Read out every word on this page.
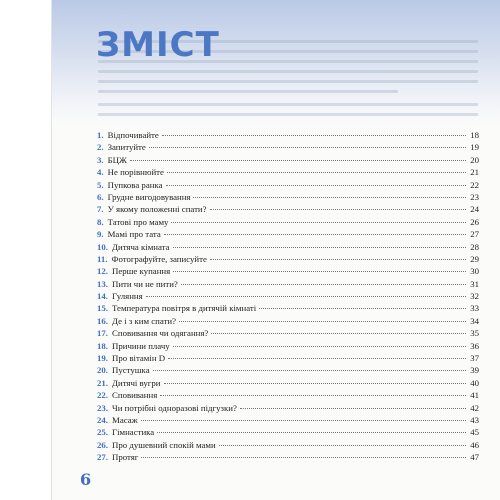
ЗМІСТ
1. Відпочивайте	18
2. Запитуйте	19
3. БЦЖ	20
4. Не порівнюйте	21
5. Пупкова ранка	22
6. Грудне вигодовування	23
7. У якому положенні спати?	24
8. Татові про маму	26
9. Мамі про тата	27
10. Дитяча кімната	28
11. Фотографуйте, записуйте	29
12. Перше купання	30
13. Пити чи не пити?	31
14. Гуляння	32
15. Температура повітря в дитячій кімнаті	33
16. Де і з ким спати?	34
17. Сповивання чи одягання?	35
18. Причини плачу	36
19. Про вітамін D	37
20. Пустушка	39
21. Дитячі вугри	40
22. Сповивання	41
23. Чи потрібні одноразові підгузки?	42
24. Масаж	43
25. Гімнастика	45
26. Про душевний спокій мами	46
27. Протяг	47
6
